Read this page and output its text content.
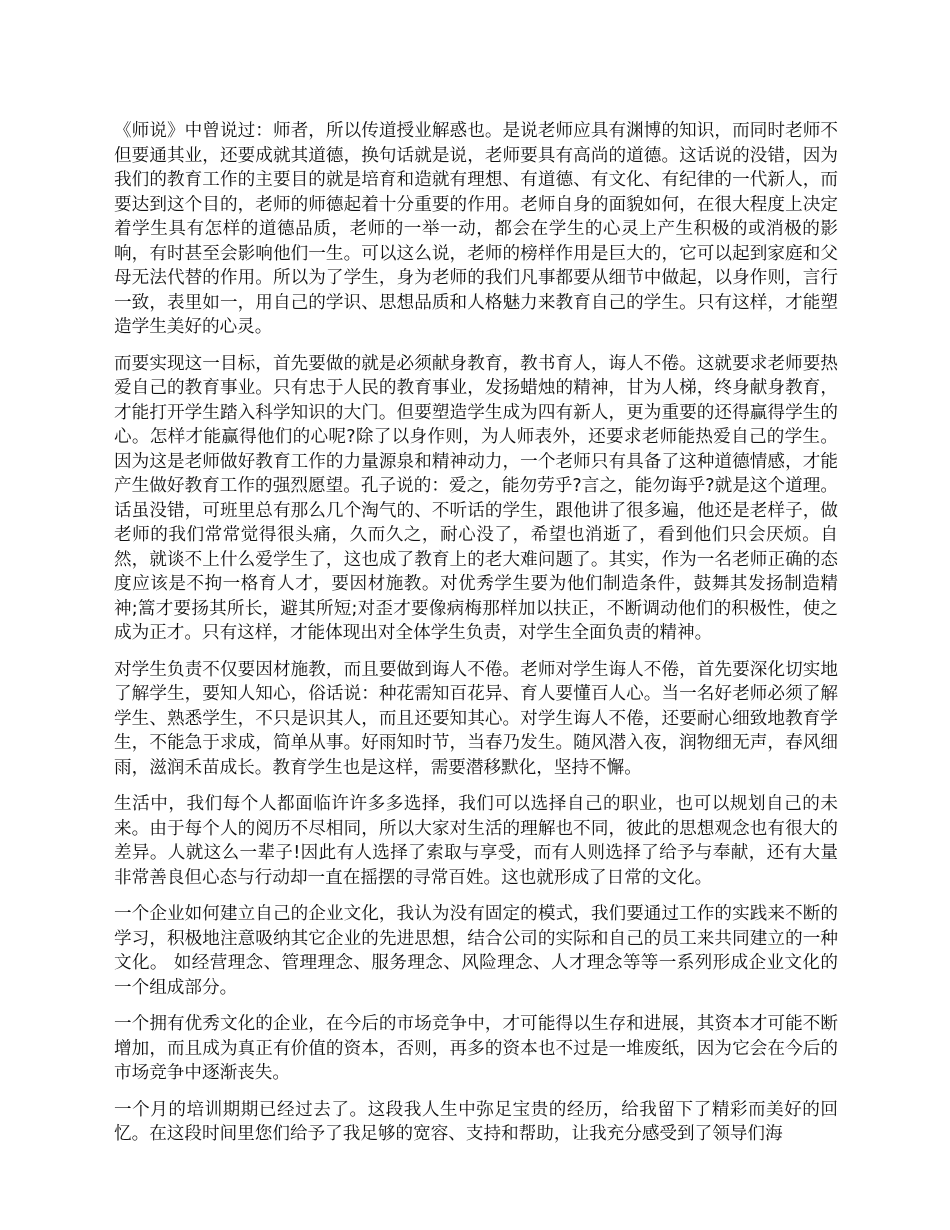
《师说》中曾说过：师者，所以传道授业解惑也。是说老师应具有渊博的知识，而同时老师不但要通其业，还要成就其道德，换句话就是说，老师要具有高尚的道德。这话说的没错，因为我们的教育工作的主要目的就是培育和造就有理想、有道德、有文化、有纪律的一代新人，而要达到这个目的，老师的师德起着十分重要的作用。老师自身的面貌如何，在很大程度上决定着学生具有怎样的道德品质，老师的一举一动，都会在学生的心灵上产生积极的或消极的影响，有时甚至会影响他们一生。可以这么说，老师的榜样作用是巨大的，它可以起到家庭和父母无法代替的作用。所以为了学生，身为老师的我们凡事都要从细节中做起，以身作则，言行一致，表里如一，用自己的学识、思想品质和人格魅力来教育自己的学生。只有这样，才能塑造学生美好的心灵。

而要实现这一目标，首先要做的就是必须献身教育，教书育人，诲人不倦。这就要求老师要热爱自己的教育事业。只有忠于人民的教育事业，发扬蜡烛的精神，甘为人梯，终身献身教育，才能打开学生踏入科学知识的大门。但要塑造学生成为四有新人，更为重要的还得赢得学生的心。怎样才能赢得他们的心呢?除了以身作则，为人师表外，还要求老师能热爱自己的学生。因为这是老师做好教育工作的力量源泉和精神动力，一个老师只有具备了这种道德情感，才能产生做好教育工作的强烈愿望。孔子说的：爱之，能勿劳乎?言之，能勿诲乎?就是这个道理。话虽没错，可班里总有那么几个淘气的、不听话的学生，跟他讲了很多遍，他还是老样子，做老师的我们常常觉得很头痛，久而久之，耐心没了，希望也消逝了，看到他们只会厌烦。自然，就谈不上什么爱学生了，这也成了教育上的老大难问题了。其实，作为一名老师正确的态度应该是不拘一格育人才，要因材施教。对优秀学生要为他们制造条件，鼓舞其发扬制造精神;篙才要扬其所长，避其所短;对歪才要像病梅那样加以扶正，不断调动他们的积极性，使之成为正才。只有这样，才能体现出对全体学生负责，对学生全面负责的精神。

对学生负责不仅要因材施教，而且要做到诲人不倦。老师对学生诲人不倦，首先要深化切实地了解学生，要知人知心，俗话说：种花需知百花异、育人要懂百人心。当一名好老师必须了解学生、熟悉学生，不只是识其人，而且还要知其心。对学生诲人不倦，还要耐心细致地教育学生，不能急于求成，简单从事。好雨知时节，当春乃发生。随风潜入夜，润物细无声，春风细雨，滋润禾苗成长。教育学生也是这样，需要潜移默化，坚持不懈。

生活中，我们每个人都面临许许多多选择，我们可以选择自己的职业，也可以规划自己的未来。由于每个人的阅历不尽相同，所以大家对生活的理解也不同，彼此的思想观念也有很大的差异。人就这么一辈子!因此有人选择了索取与享受，而有人则选择了给予与奉献，还有大量非常善良但心态与行动却一直在摇摆的寻常百姓。这也就形成了日常的文化。

一个企业如何建立自己的企业文化，我认为没有固定的模式，我们要通过工作的实践来不断的学习，积极地注意吸纳其它企业的先进思想，结合公司的实际和自己的员工来共同建立的一种文化。 如经营理念、管理理念、服务理念、风险理念、人才理念等等一系列形成企业文化的一个组成部分。

一个拥有优秀文化的企业，在今后的市场竞争中，才可能得以生存和进展，其资本才可能不断增加，而且成为真正有价值的资本，否则，再多的资本也不过是一堆废纸，因为它会在今后的市场竞争中逐渐丧失。

一个月的培训期期已经过去了。这段我人生中弥足宝贵的经历，给我留下了精彩而美好的回忆。在这段时间里您们给予了我足够的宽容、支持和帮助，让我充分感受到了领导们海
